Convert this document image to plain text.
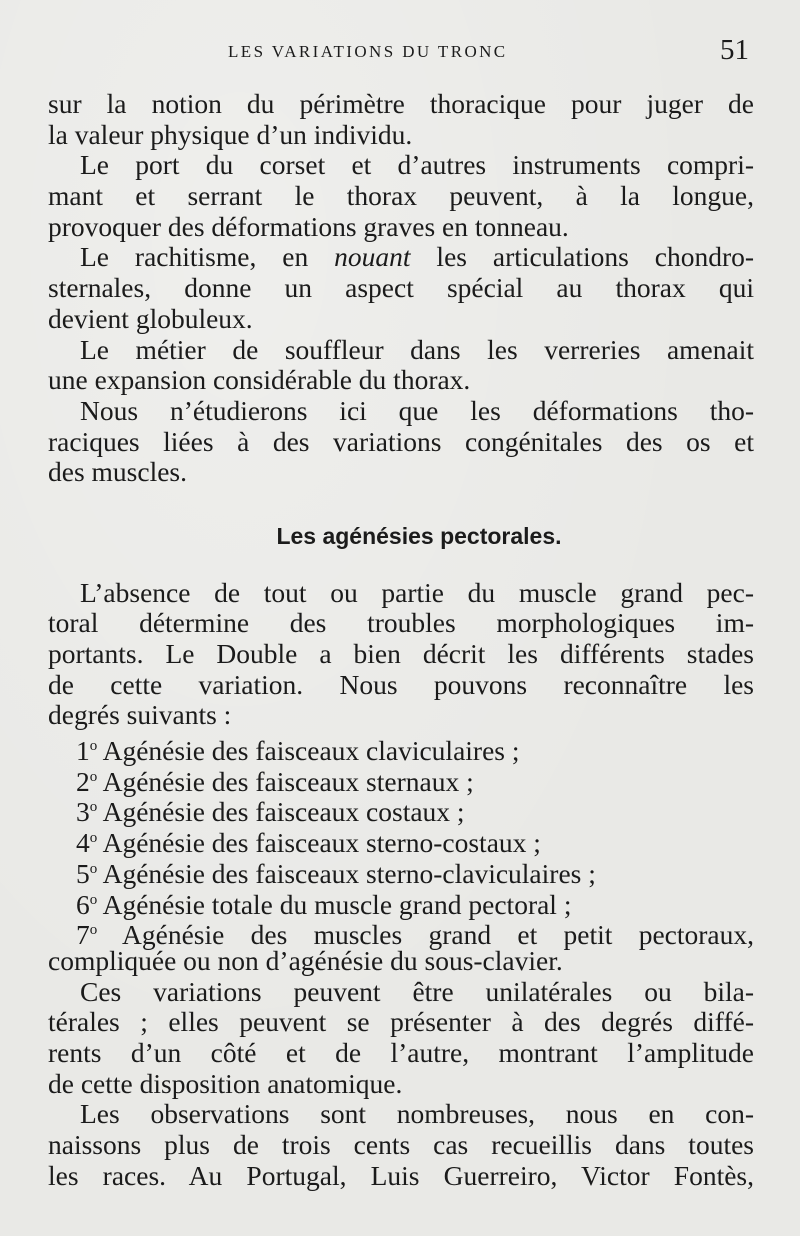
LES VARIATIONS DU TRONC	51
sur la notion du périmètre thoracique pour juger de
la valeur physique d’un individu.
Le port du corset et d’autres instruments compri-
mant et serrant le thorax peuvent, à la longue,
provoquer des déformations graves en tonneau.
Le rachitisme, en nouant les articulations chondro-
sternales, donne un aspect spécial au thorax qui
devient globuleux.
Le métier de souffleur dans les verreries amenait
une expansion considérable du thorax.
Nous n’étudierons ici que les déformations tho-
raciques liées à des variations congénitales des os et
des muscles.
Les agénésies pectorales.
L’absence de tout ou partie du muscle grand pec-
toral détermine des troubles morphologiques im-
portants. Le Double a bien décrit les différents stades
de cette variation. Nous pouvons reconnaître les
degrés suivants :
1$^o$ Agénésie des faisceaux claviculaires ;
2$^o$ Agénésie des faisceaux sternaux ;
3$^o$ Agénésie des faisceaux costaux ;
4$^o$ Agénésie des faisceaux sterno-costaux ;
5$^o$ Agénésie des faisceaux sterno-claviculaires ;
6$^o$ Agénésie totale du muscle grand pectoral ;
7$^o$ Agénésie des muscles grand et petit pectoraux,
compliquée ou non d’agénésie du sous-clavier.
Ces variations peuvent être unilatérales ou bila-
térales ; elles peuvent se présenter à des degrés diffé-
rents d’un côté et de l’autre, montrant l’amplitude
de cette disposition anatomique.
Les observations sont nombreuses, nous en con-
naissons plus de trois cents cas recueillis dans toutes
les races. Au Portugal, Luis Guerreiro, Victor Fontès,
